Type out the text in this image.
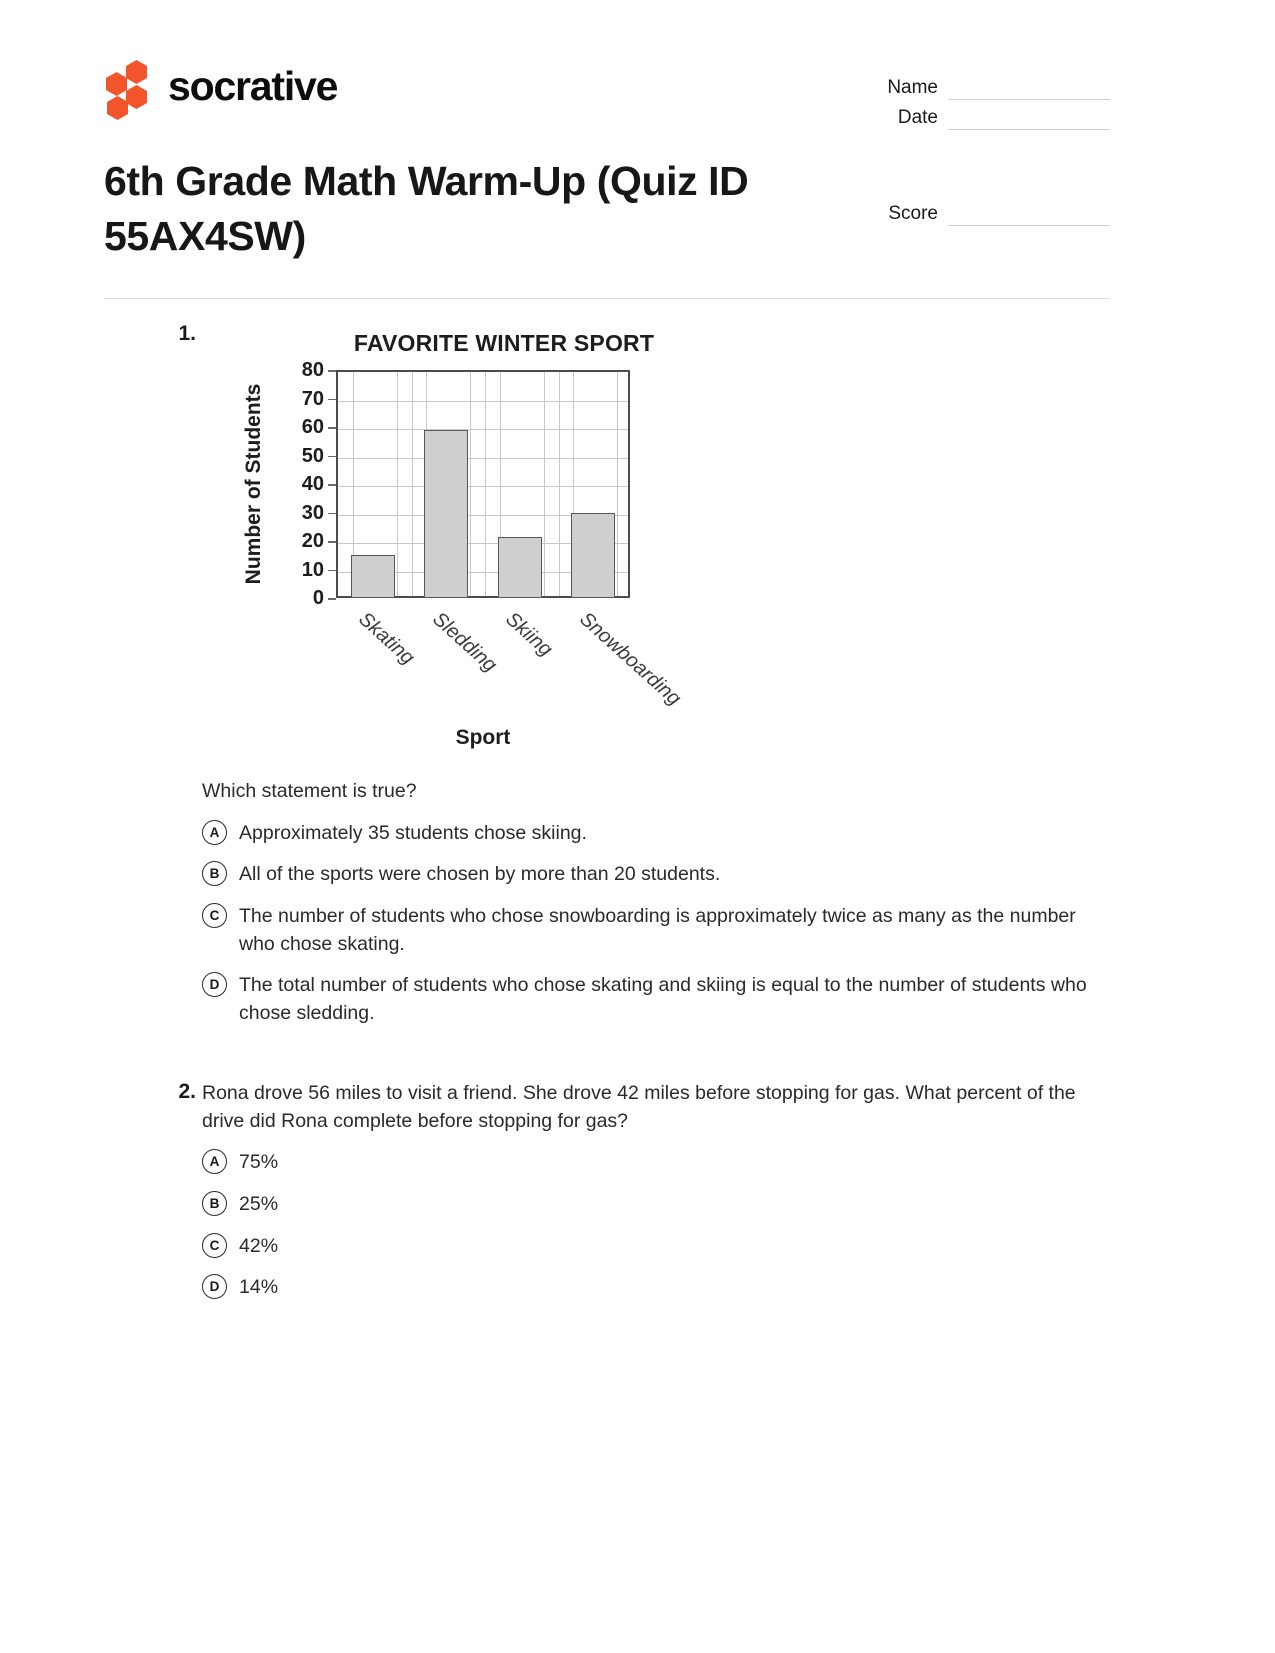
socrative
6th Grade Math Warm-Up (Quiz ID 55AX4SW)
Name
Date
Score
1.	FAVORITE WINTER SPORT
Number of Students
0
10
20
30
40
50
60
70
80
Skating Sledding Skiing Snowboarding
Sport
Which statement is true?
A	Approximately 35 students chose skiing.
B	All of the sports were chosen by more than 20 students.
C	The number of students who chose snowboarding is approximately twice as many as the number who chose skating.
D	The total number of students who chose skating and skiing is equal to the number of students who chose sledding.
2. Rona drove 56 miles to visit a friend. She drove 42 miles before stopping for gas. What percent of the drive did Rona complete before stopping for gas?
A	75%
B	25%
C	42%
D	14%
